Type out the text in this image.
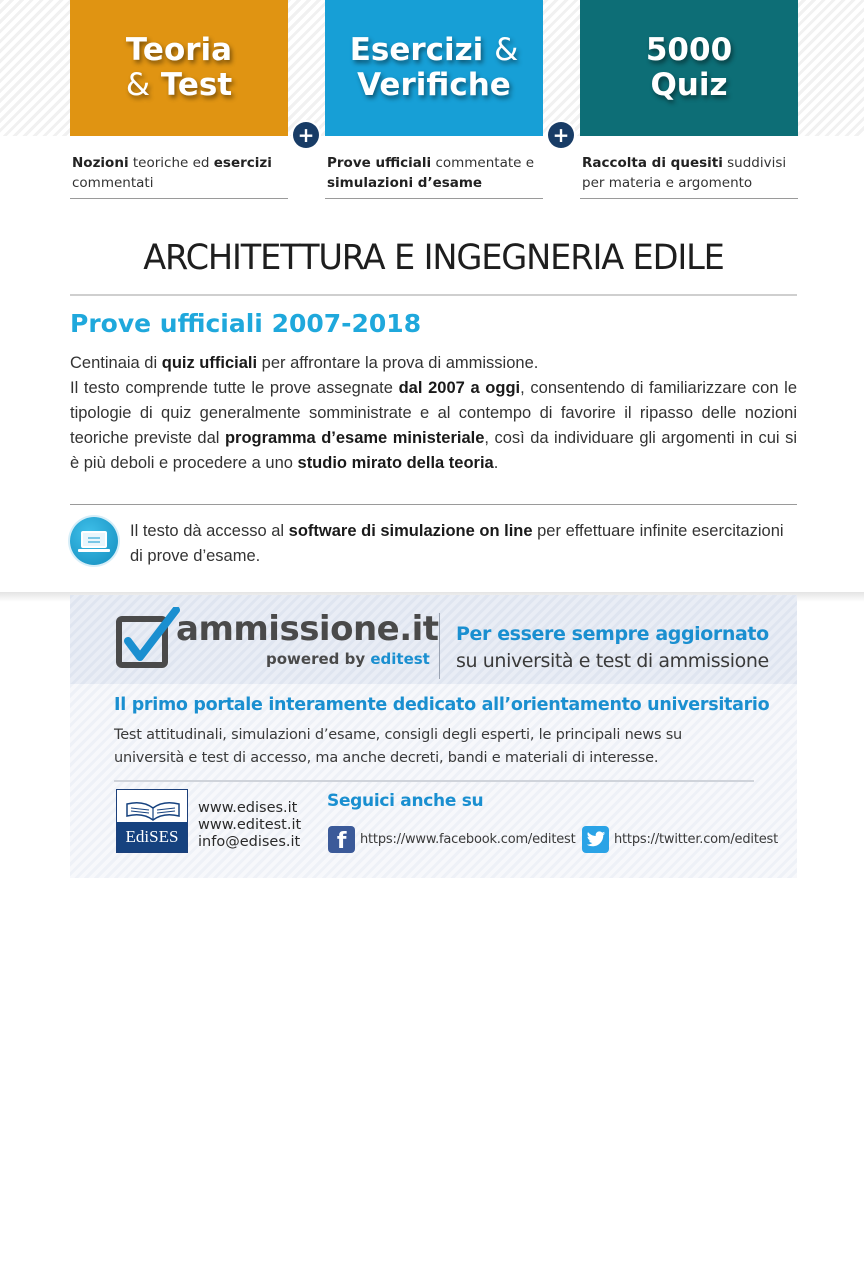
Teoria
& Test
Esercizi &
Verifiche
5000
Quiz
+	+
Nozioni teoriche ed esercizi commentati
Prove ufficiali commentate e simulazioni d’esame
Raccolta di quesiti suddivisi per materia e argomento
ARCHITETTURA E INGEGNERIA EDILE
Prove ufficiali 2007-2018
Centinaia di quiz ufficiali per affrontare la prova di ammissione.
Il testo comprende tutte le prove assegnate dal 2007 a oggi, consentendo di familiarizzare con le tipologie di quiz generalmente somministrate e al contempo di favorire il ripasso delle nozioni teoriche previste dal programma d’esame ministeriale, così da individuare gli argomenti in cui si è più deboli e procedere a uno studio mirato della teoria.
Il testo dà accesso al software di simulazione on line per effettuare infinite esercitazioni di prove d’esame.
ammissione.it
powered by editest
Per essere sempre aggiornato
su università e test di ammissione
Il primo portale interamente dedicato all’orientamento universitario
Test attitudinali, simulazioni d’esame, consigli degli esperti, le principali news su università e test di accesso, ma anche decreti, bandi e materiali di interesse.
EdiSES
www.edises.it
www.editest.it
info@edises.it
Seguici anche su
f	https://www.facebook.com/editest	https://twitter.com/editest
